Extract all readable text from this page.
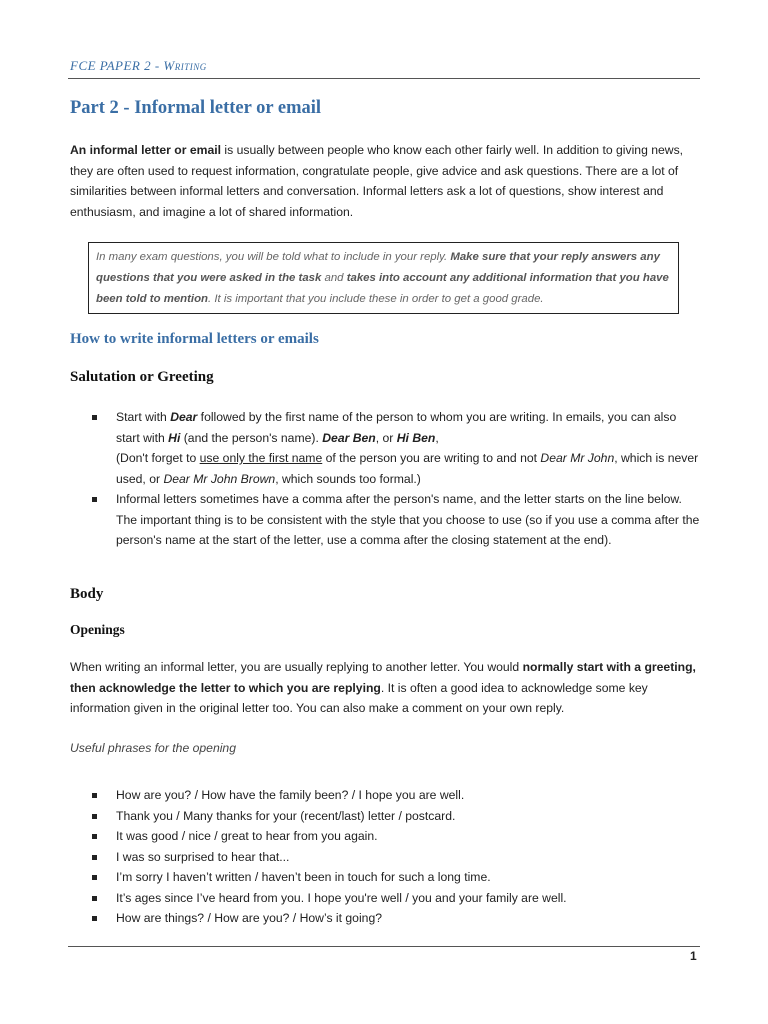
FCE PAPER 2 - Writing
Part 2 - Informal letter or email

An informal letter or email is usually between people who know each other fairly well. In addition to giving news, they are often used to request information, congratulate people, give advice and ask questions. There are a lot of similarities between informal letters and conversation. Informal letters ask a lot of questions, show interest and enthusiasm, and imagine a lot of shared information.

In many exam questions, you will be told what to include in your reply. Make sure that your reply answers any questions that you were asked in the task and takes into account any additional information that you have been told to mention. It is important that you include these in order to get a good grade.
How to write informal letters or emails
Salutation or Greeting
Start with Dear followed by the first name of the person to whom you are writing. In emails, you can also start with Hi (and the person's name). Dear Ben, or Hi Ben,
(Don't forget to use only the first name of the person you are writing to and not Dear Mr John, which is never used, or Dear Mr John Brown, which sounds too formal.)
Informal letters sometimes have a comma after the person's name, and the letter starts on the line below. The important thing is to be consistent with the style that you choose to use (so if you use a comma after the person's name at the start of the letter, use a comma after the closing statement at the end).
Body
Openings

When writing an informal letter, you are usually replying to another letter. You would normally start with a greeting, then acknowledge the letter to which you are replying. It is often a good idea to acknowledge some key information given in the original letter too. You can also make a comment on your own reply.

Useful phrases for the opening

How are you? / How have the family been? / I hope you are well.
Thank you / Many thanks for your (recent/last) letter / postcard.
It was good / nice / great to hear from you again.
I was so surprised to hear that...
I’m sorry I haven’t written / haven’t been in touch for such a long time.
It’s ages since I’ve heard from you. I hope you're well / you and your family are well.
How are things? / How are you? / How’s it going?
1
